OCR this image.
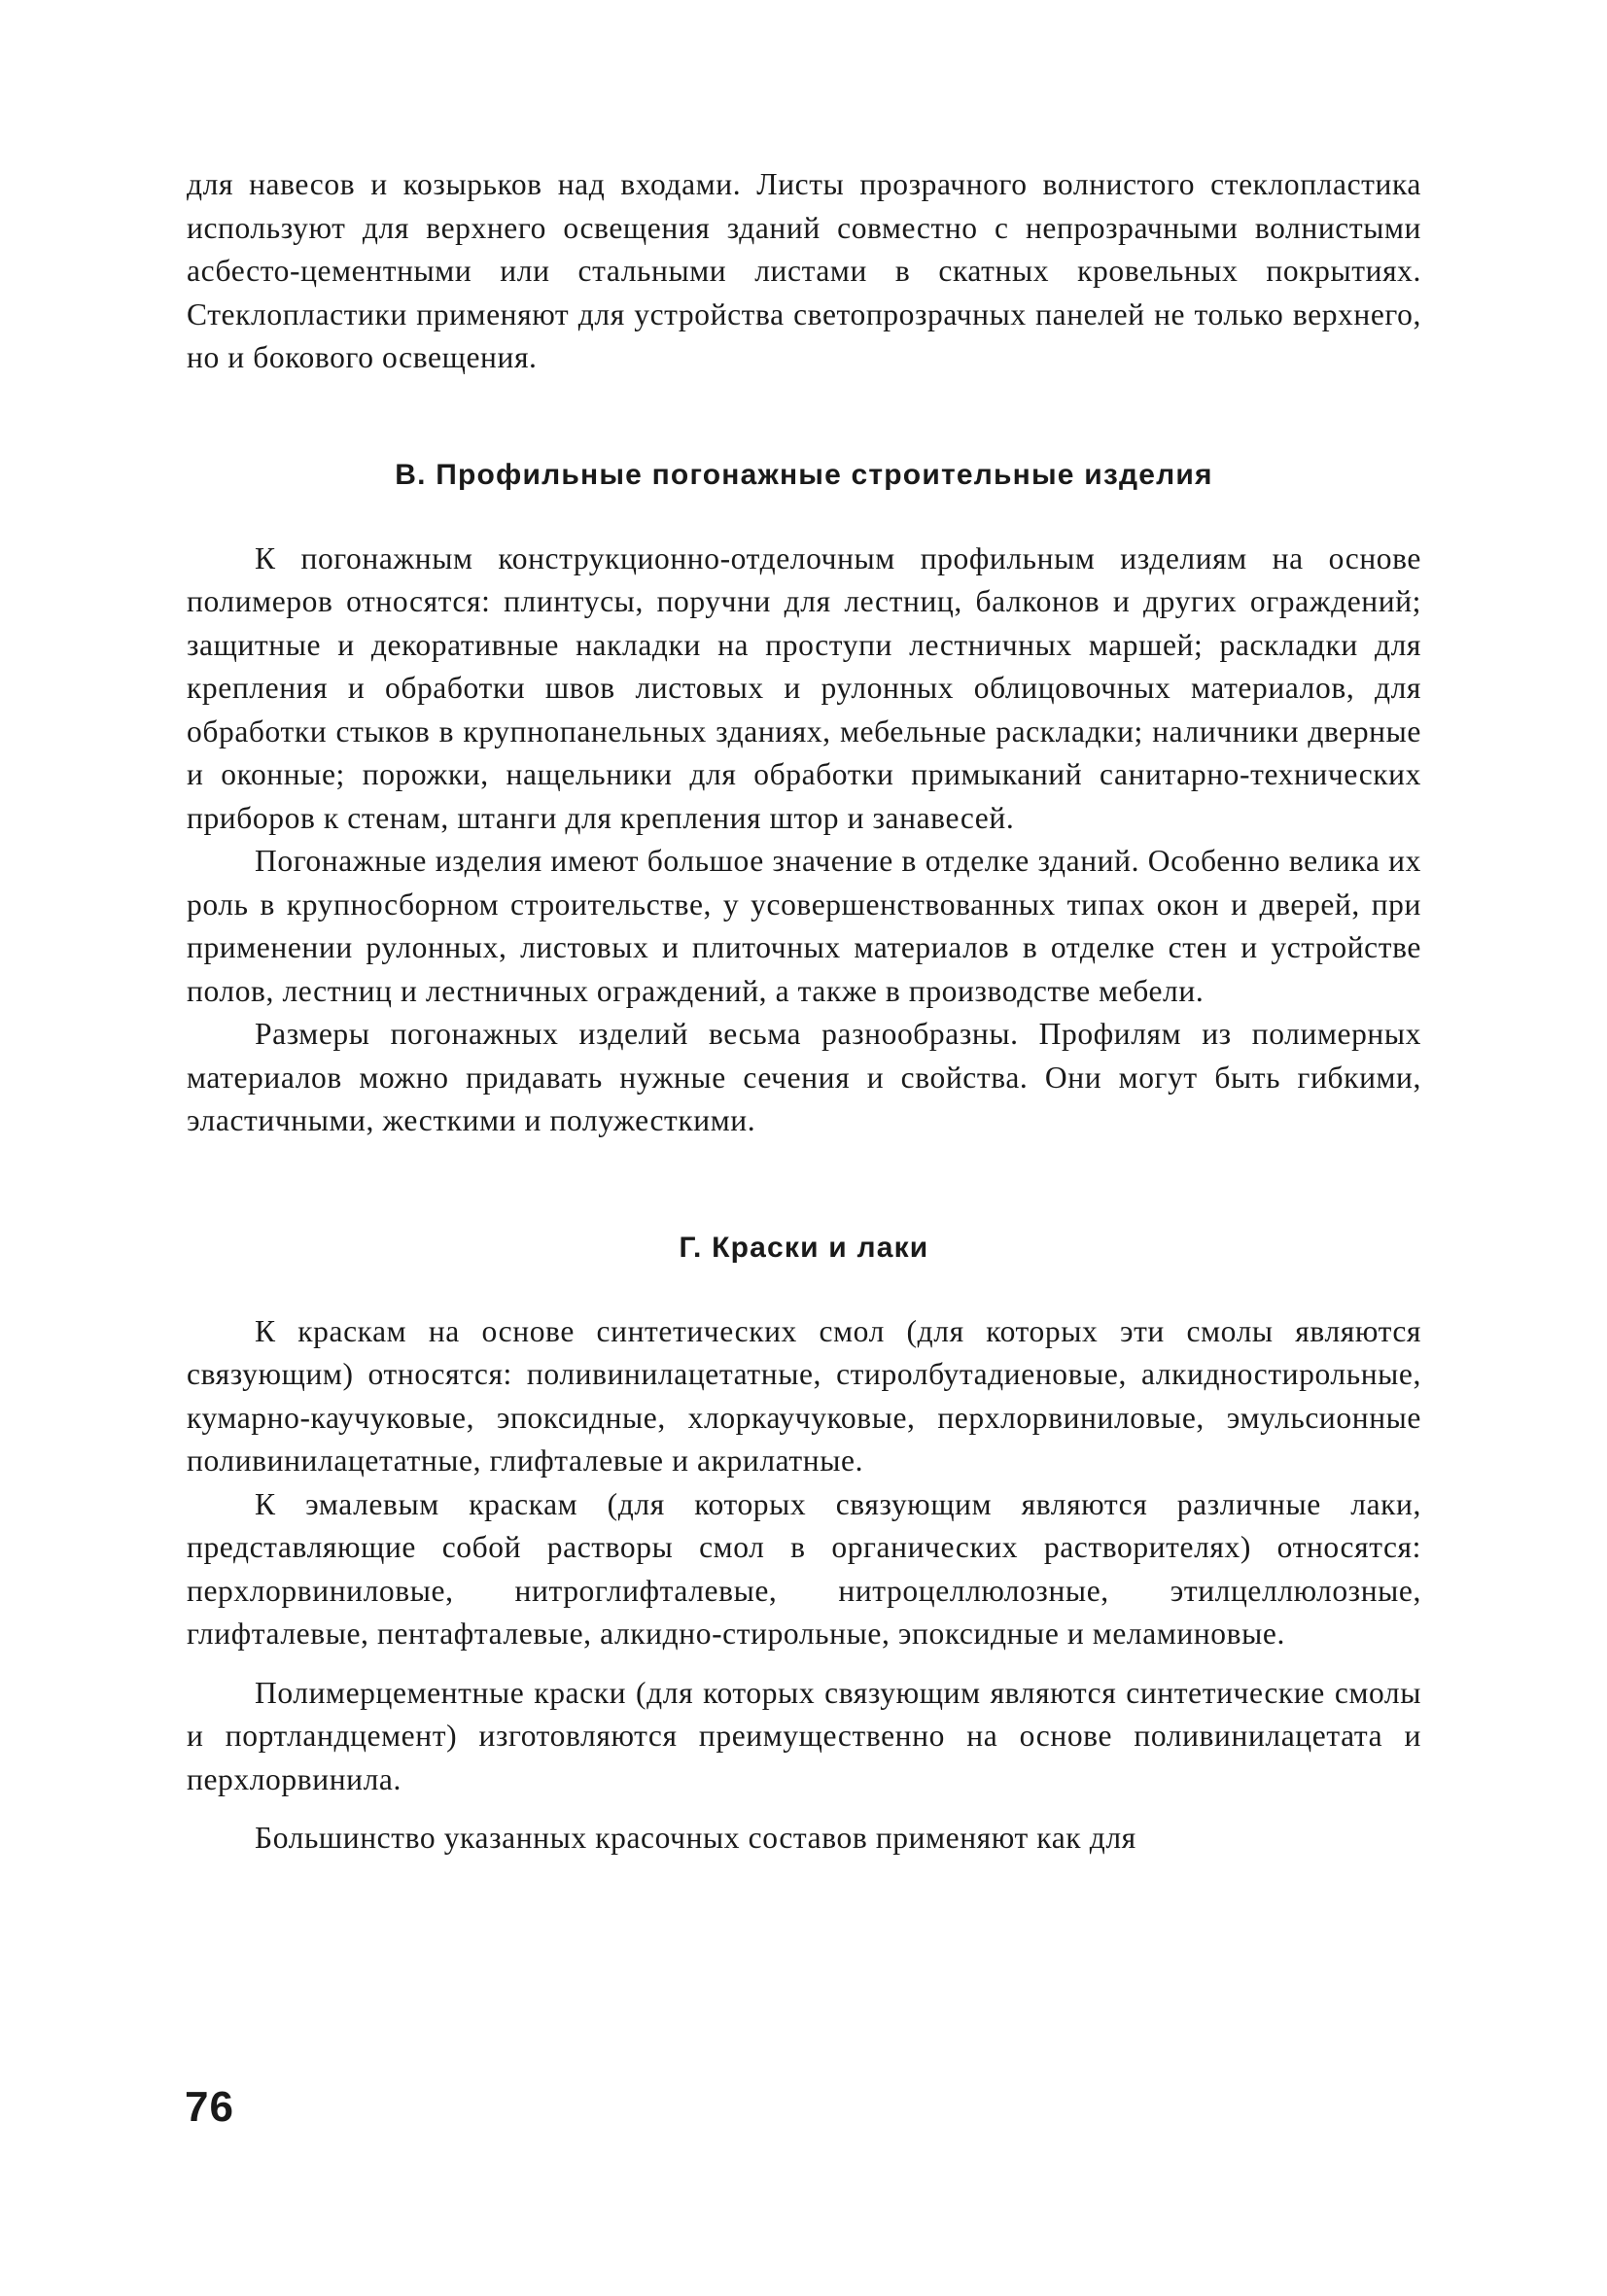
для навесов и козырьков над входами. Листы прозрачного волнистого стеклопластика используют для верхнего освещения зданий совместно с непрозрачными волнистыми асбесто-цементными или стальными листами в скатных кровельных покрытиях. Стеклопластики применяют для устройства светопрозрачных панелей не только верхнего, но и бокового освещения.

В. Профильные погонажные строительные изделия

К погонажным конструкционно-отделочным профильным изделиям на основе полимеров относятся: плинтусы, поручни для лестниц, балконов и других ограждений; защитные и декоративные накладки на проступи лестничных маршей; раскладки для крепления и обработки швов листовых и рулонных облицовочных материалов, для обработки стыков в крупнопанельных зданиях, мебельные раскладки; наличники дверные и оконные; порожки, нащельники для обработки примыканий санитарно-технических приборов к стенам, штанги для крепления штор и занавесей.

Погонажные изделия имеют большое значение в отделке зданий. Особенно велика их роль в крупносборном строительстве, у усовершенствованных типах окон и дверей, при применении рулонных, листовых и плиточных материалов в отделке стен и устройстве полов, лестниц и лестничных ограждений, а также в производстве мебели.

Размеры погонажных изделий весьма разнообразны. Профилям из полимерных материалов можно придавать нужные сечения и свойства. Они могут быть гибкими, эластичными, жесткими и полужесткими.

Г. Краски и лаки

К краскам на основе синтетических смол (для которых эти смолы являются связующим) относятся: поливинилацетатные, стиролбутадиеновые, алкидностирольные, кумарно-каучуковые, эпоксидные, хлоркаучуковые, перхлорвиниловые, эмульсионные поливинилацетатные, глифталевые и акрилатные.

К эмалевым краскам (для которых связующим являются различные лаки, представляющие собой растворы смол в органических растворителях) относятся: перхлорвиниловые, нитроглифталевые, нитроцеллюлозные, этилцеллюлозные, глифталевые, пентафталевые, алкидно-стирольные, эпоксидные и меламиновые.

Полимерцементные краски (для которых связующим являются синтетические смолы и портландцемент) изготовляются преимущественно на основе поливинилацетата и перхлорвинила.

Большинство указанных красочных составов применяют как для

76
